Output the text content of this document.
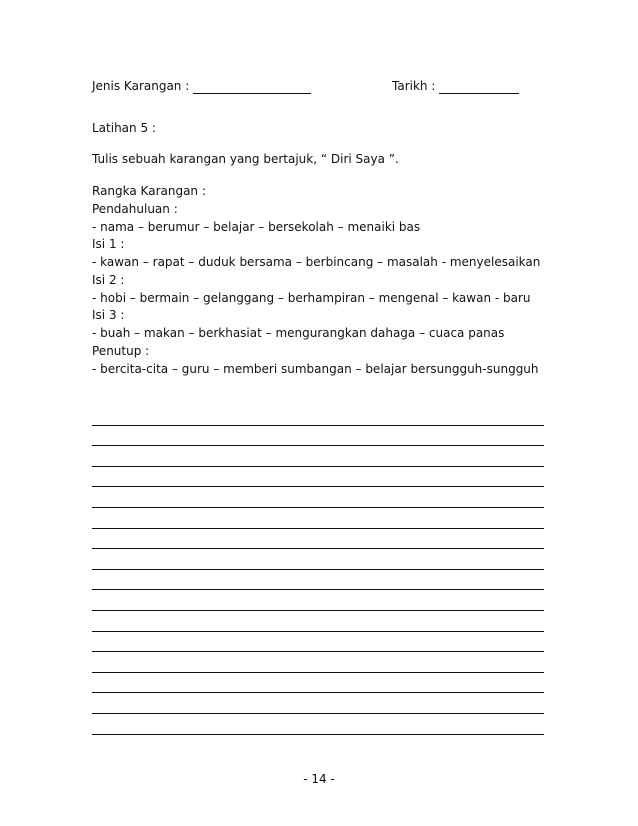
Jenis Karangan :	Tarikh :
Latihan 5 :
Tulis sebuah karangan yang bertajuk, “ Diri Saya ”.
Rangka Karangan :
Pendahuluan :
- nama – berumur – belajar – bersekolah – menaiki bas
Isi 1 :
- kawan – rapat – duduk bersama – berbincang – masalah - menyelesaikan
Isi 2 :
- hobi – bermain – gelanggang – berhampiran – mengenal – kawan - baru
Isi 3 :
- buah – makan – berkhasiat – mengurangkan dahaga – cuaca panas
Penutup :
- bercita-cita – guru – memberi sumbangan – belajar bersungguh-sungguh
- 14 -
